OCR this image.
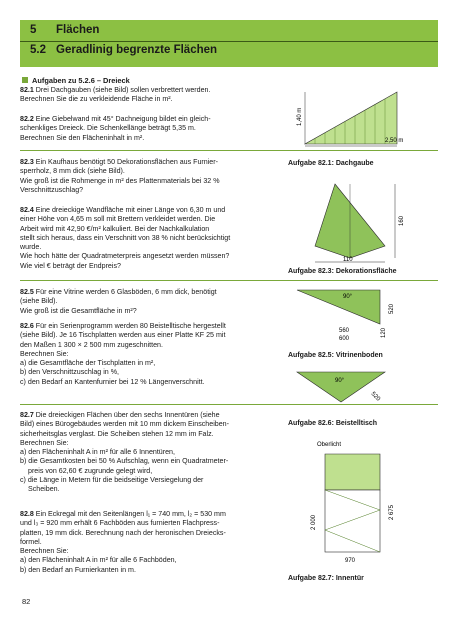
5 Flächen
5.2 Geradlinig begrenzte Flächen
Aufgaben zu 5.2.6 – Dreieck
82.1 Drei Dachgauben (siehe Bild) sollen verbrettert werden.
Berechnen Sie die zu verkleidende Fläche in m².
82.2 Eine Giebelwand mit 45° Dachneigung bildet ein gleich-
schenkliges Dreieck. Die Schenkellänge beträgt 5,35 m.
Berechnen Sie den Flächeninhalt in m².
82.3 Ein Kaufhaus benötigt 50 Dekorationsflächen aus Furnier-
sperrholz, 8 mm dick (siehe Bild).
Wie groß ist die Rohmenge in m² des Plattenmaterials bei 32 %
Verschnittzuschlag?
82.4 Eine dreieckige Wandfläche mit einer Länge von 6,30 m und
einer Höhe von 4,65 m soll mit Brettern verkleidet werden. Die
Arbeit wird mit 42,90 €/m² kalkuliert. Bei der Nachkalkulation
stellt sich heraus, dass ein Verschnitt von 38 % nicht berücksichtigt
wurde.
Wie hoch hätte der Quadratmeterpreis angesetzt werden müssen?
Wie viel € beträgt der Endpreis?
82.5 Für eine Vitrine werden 6 Glasböden, 6 mm dick, benötigt
(siehe Bild).
Wie groß ist die Gesamtfläche in m²?
82.6 Für ein Serienprogramm werden 80 Beistelltische hergestellt
(siehe Bild). Je 16 Tischplatten werden aus einer Platte KF 25 mit
den Maßen 1 300 × 2 500 mm zugeschnitten.
Berechnen Sie:
a) die Gesamtfläche der Tischplatten in m²,
b) den Verschnittzuschlag in %,
c) den Bedarf an Kantenfurnier bei 12 % Längenverschnitt.
82.7 Die dreieckigen Flächen über den sechs Innentüren (siehe
Bild) eines Bürogebäudes werden mit 10 mm dickem Einscheiben-
sicherheitsglas verglast. Die Scheiben stehen 12 mm im Falz.
Berechnen Sie:
a) den Flächeninhalt A in m² für alle 6 Innentüren,
b) die Gesamtkosten bei 50 % Aufschlag, wenn ein Quadratmeter-
preis von 62,60 € zugrunde gelegt wird,
c) die Länge in Metern für die beidseitige Versiegelung der
Scheiben.
82.8 Ein Eckregal mit den Seitenlängen l₁ = 740 mm, l₂ = 530 mm
und l₃ = 920 mm erhält 6 Fachböden aus furnierten Flachpress-
platten, 19 mm dick. Berechnung nach der heronischen Dreiecks-
formel.
Berechnen Sie:
a) den Flächeninhalt A in m² für alle 6 Fachböden,
b) den Bedarf an Furnierkanten in m.
1,40 m
2,50 m
Aufgabe 82.1: Dachgaube
160
110
Aufgabe 82.3: Dekorationsfläche
90°
560
600
520
120
Aufgabe 82.5: Vitrinenboden
90°
520
Aufgabe 82.6: Beistelltisch
Oberlicht
2 000
2 675
970
Aufgabe 82.7: Innentür
82
